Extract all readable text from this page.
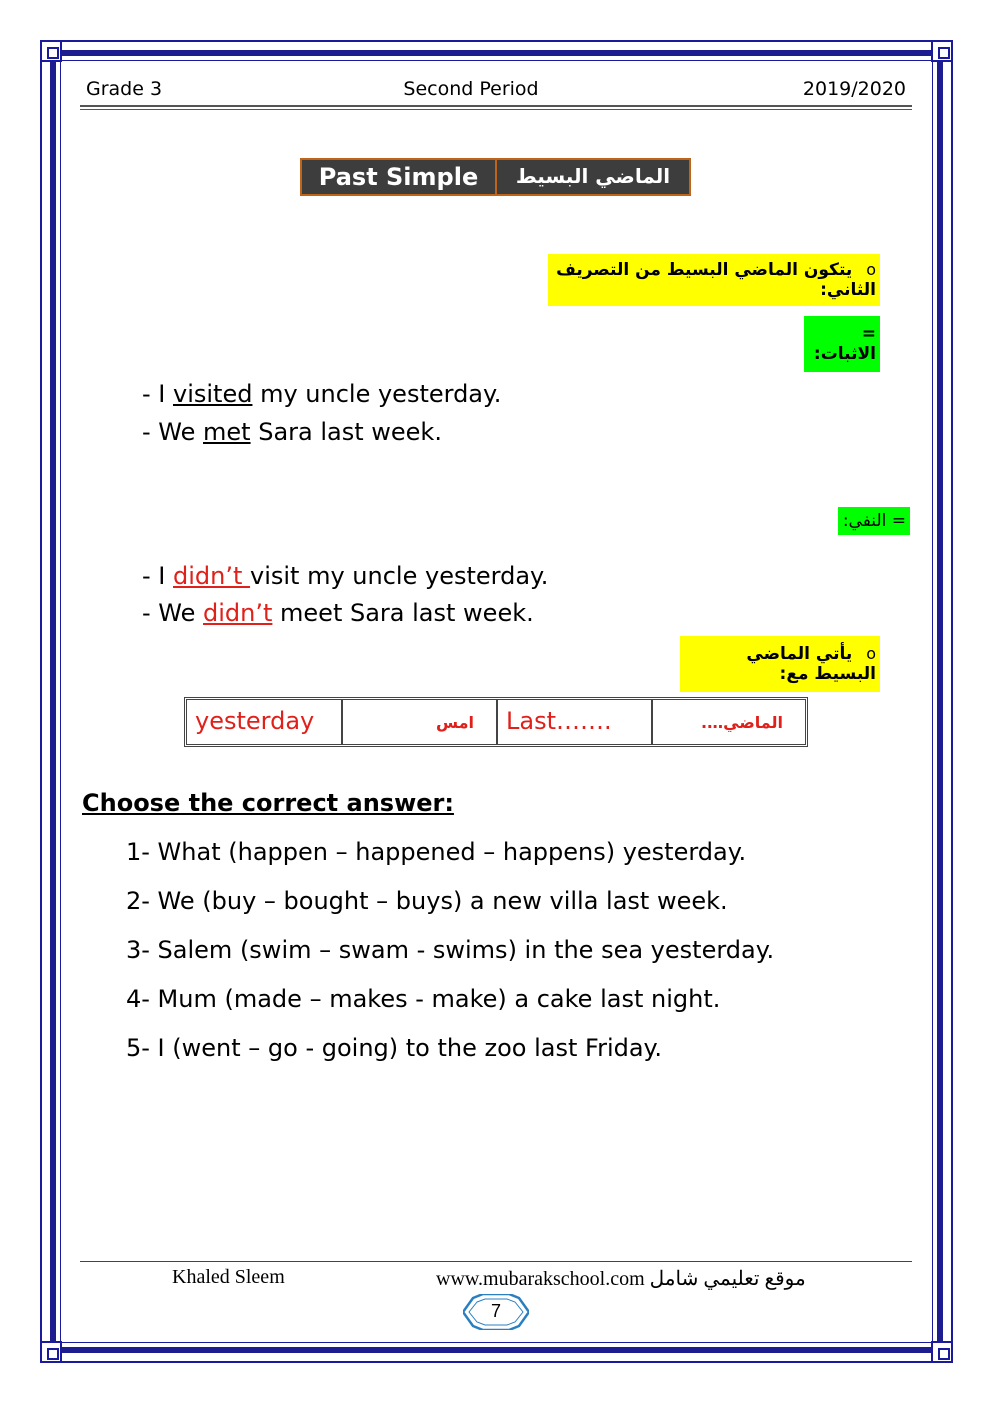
Grade 3	Second Period	2019/2020
Past Simple	الماضي البسيط
o يتكون الماضي البسيط من التصريف الثاني:
= الاثبات:
- I visited my uncle yesterday.
- We met Sara last week.
= النفي:
- I didn’t visit my uncle yesterday.
- We didn’t meet Sara last week.
o يأتي الماضي البسيط مع:
yesterday	امس	Last…….	الماضي….
Choose the correct answer:
1- What (happen – happened – happens) yesterday.
2- We (buy – bought – buys) a new villa last week.
3- Salem (swim – swam - swims) in the sea yesterday.
4- Mum (made – makes - make) a cake last night.
5- I (went – go - going) to the zoo last Friday.
Khaled Sleem	www.mubarakschool.com موقع تعليمي شامل
7
